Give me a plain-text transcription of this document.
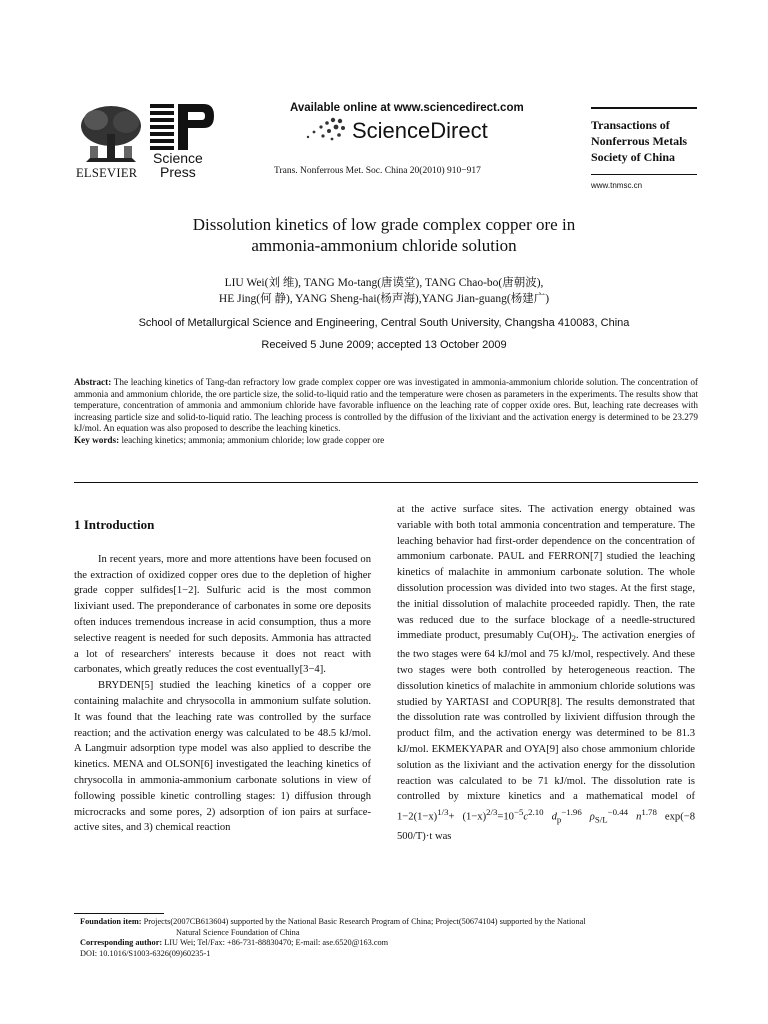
ELSEVIER
Science
Press
Available online at www.sciencedirect.com
ScienceDirect
Trans. Nonferrous Met. Soc. China 20(2010) 910−917
Transactions of Nonferrous Metals Society of China
www.tnmsc.cn
Dissolution kinetics of low grade complex copper ore in
ammonia-ammonium chloride solution
LIU Wei(刘 维), TANG Mo-tang(唐谟堂), TANG Chao-bo(唐朝波),
HE Jing(何 静), YANG Sheng-hai(杨声海),YANG Jian-guang(杨建广)
School of Metallurgical Science and Engineering, Central South University, Changsha 410083, China
Received 5 June 2009; accepted 13 October 2009
Abstract: The leaching kinetics of Tang-dan refractory low grade complex copper ore was investigated in ammonia-ammonium chloride solution. The concentration of ammonia and ammonium chloride, the ore particle size, the solid-to-liquid ratio and the temperature were chosen as parameters in the experiments. The results show that temperature, concentration of ammonia and ammonium chloride have favorable influence on the leaching rate of copper oxide ores. But, leaching rate decreases with increasing particle size and solid-to-liquid ratio. The leaching process is controlled by the diffusion of the lixiviant and the activation energy is determined to be 23.279 kJ/mol. An equation was also proposed to describe the leaching kinetics.
Key words: leaching kinetics; ammonia; ammonium chloride; low grade copper ore
1 Introduction

In recent years, more and more attentions have been focused on the extraction of oxidized copper ores due to the depletion of higher grade copper sulfides[1−2]. Sulfuric acid is the most common lixiviant used. The preponderance of carbonates in some ore deposits often induces tremendous increase in acid consumption, thus a more selective reagent is needed for such deposits. Ammonia has attracted a lot of researchers' interests because it does not react with carbonates, which greatly reduces the cost eventually[3−4].

BRYDEN[5] studied the leaching kinetics of a copper ore containing malachite and chrysocolla in ammonium sulfate solution. It was found that the leaching rate was controlled by the surface reaction; and the activation energy was calculated to be 48.5 kJ/mol. A Langmuir adsorption type model was also applied to describe the kinetics. MENA and OLSON[6] investigated the leaching kinetics of chrysocolla in ammonia-ammonium carbonate solutions in view of following possible kinetic controlling stages: 1) diffusion through microcracks and some pores, 2) adsorption of ion pairs at surface-active sites, and 3) chemical reaction

at the active surface sites. The activation energy obtained was variable with both total ammonia concentration and temperature. The leaching behavior had first-order dependence on the concentration of ammonium carbonate. PAUL and FERRON[7] studied the leaching kinetics of malachite in ammonium carbonate solution. The whole dissolution procession was divided into two stages. At the first stage, the initial dissolution of malachite proceeded rapidly. Then, the rate was reduced due to the surface blockage of a needle-structured immediate product, presumably $Cu(OH)_2$. The activation energies of the two stages were 64 kJ/mol and 75 kJ/mol, respectively. And these two stages were both controlled by heterogeneous reaction. The dissolution kinetics of malachite in ammonium chloride solutions was studied by YARTASI and COPUR[8]. The results demonstrated that the dissolution rate was controlled by lixivient diffusion through the product film, and the activation energy was determined to be 81.3 kJ/mol. EKMEKYAPAR and OYA[9] also chose ammonium chloride solution as the lixiviant and the activation energy for the dissolution reaction was calculated to be 71 kJ/mol. The dissolution rate is controlled by mixture kinetics and a mathematical model of $1-2(1-x)^{1/3}+ (1-x)^{2/3}=10^{-5}c^{2.10}$ $d_p^{-1.96}$ $\rho_{S/L}^{-0.44}$ $n^{1.78}$ exp(−8 500/T)·t was

Foundation item: Projects(2007CB613604) supported by the National Basic Research Program of China; Project(50674104) supported by the National
Natural Science Foundation of China
Corresponding author: LIU Wei; Tel/Fax: +86-731-88830470; E-mail: ase.6520@163.com
DOI: 10.1016/S1003-6326(09)60235-1
